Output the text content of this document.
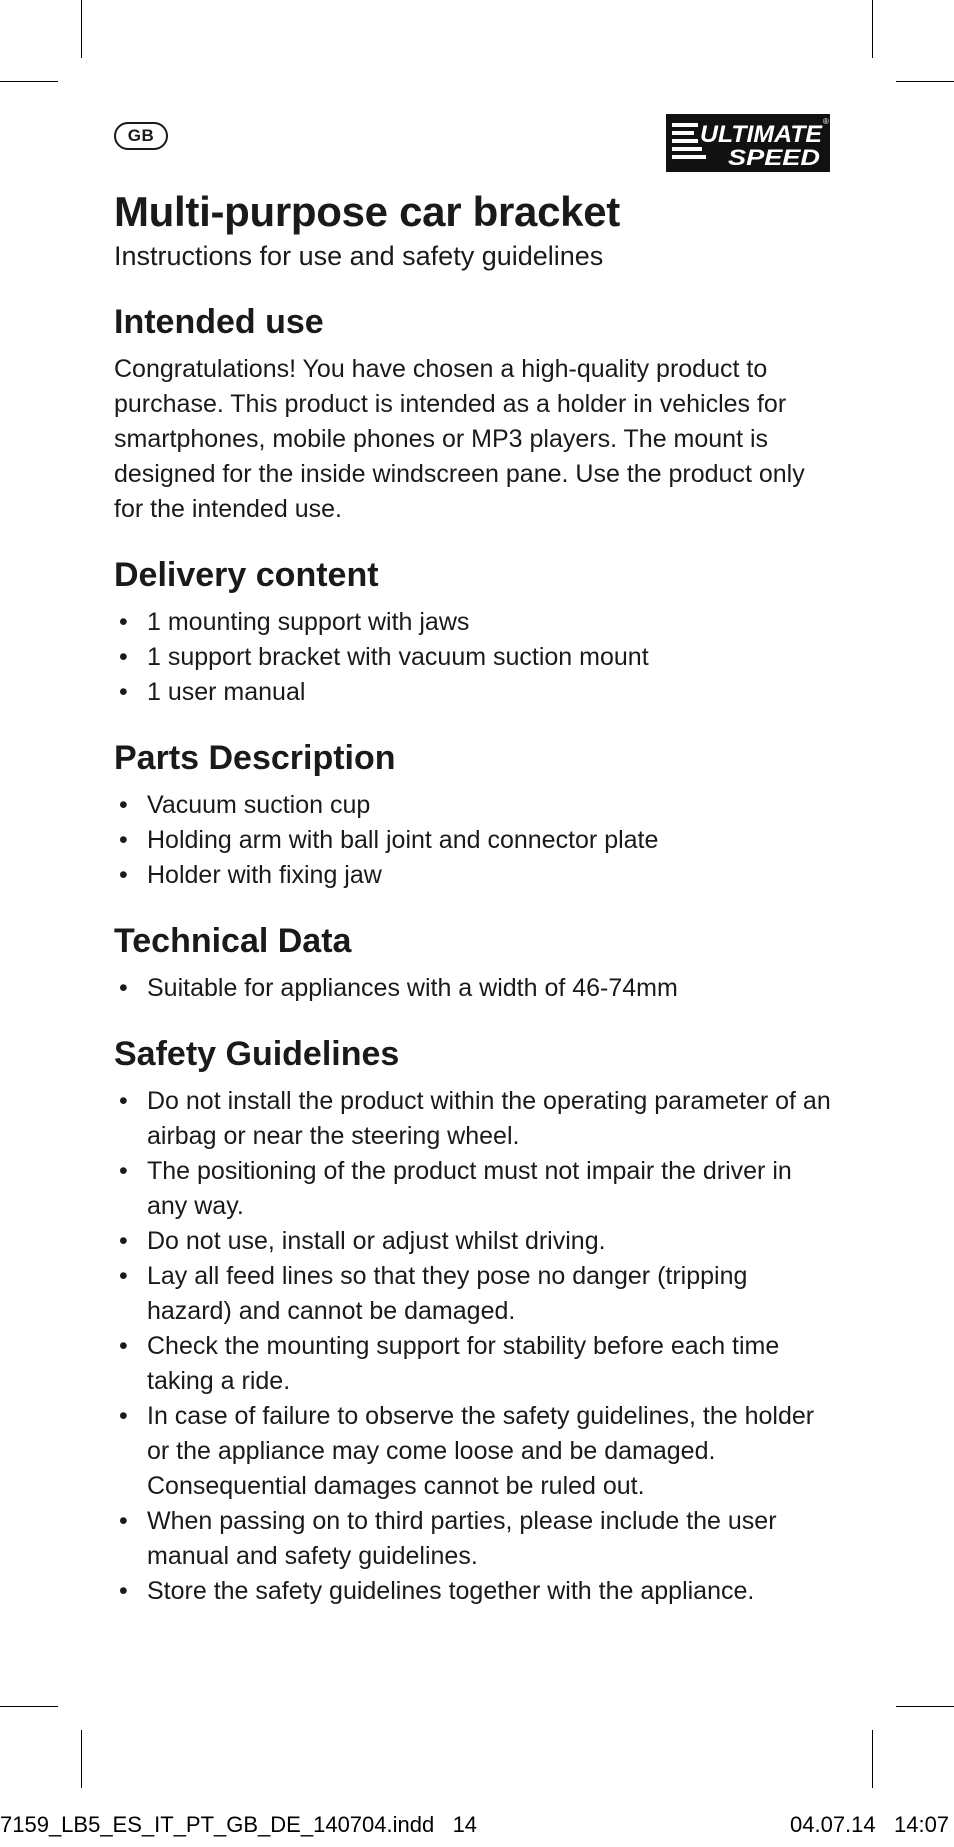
GB	ULTIMATE
SPEED
®
Multi-purpose car bracket

Instructions for use and safety guidelines

Intended use

Congratulations! You have chosen a high-quality product to purchase. This product is intended as a holder in vehicles for smartphones, mobile phones or MP3 players. The mount is designed for the inside windscreen pane. Use the product only for the intended use.

Delivery content
• 1 mounting support with jaws
• 1 support bracket with vacuum suction mount
• 1 user manual
Parts Description
• Vacuum suction cup
• Holding arm with ball joint and connector plate
• Holder with fixing jaw
Technical Data
• Suitable for appliances with a width of 46-74mm
Safety Guidelines
• Do not install the product within the operating parameter of an airbag or near the steering wheel.
• The positioning of the product must not impair the driver in any way.
• Do not use, install or adjust whilst driving.
• Lay all feed lines so that they pose no danger (tripping hazard) and cannot be damaged.
• Check the mounting support for stability before each time taking a ride.
• In case of failure to observe the safety guidelines, the holder or the appliance may come loose and be damaged. Consequential damages cannot be ruled out.
• When passing on to third parties, please include the user manual and safety guidelines.
• Store the safety guidelines together with the appliance.
7159_LB5_ES_IT_PT_GB_DE_140704.indd 14	04.07.14 14:07
